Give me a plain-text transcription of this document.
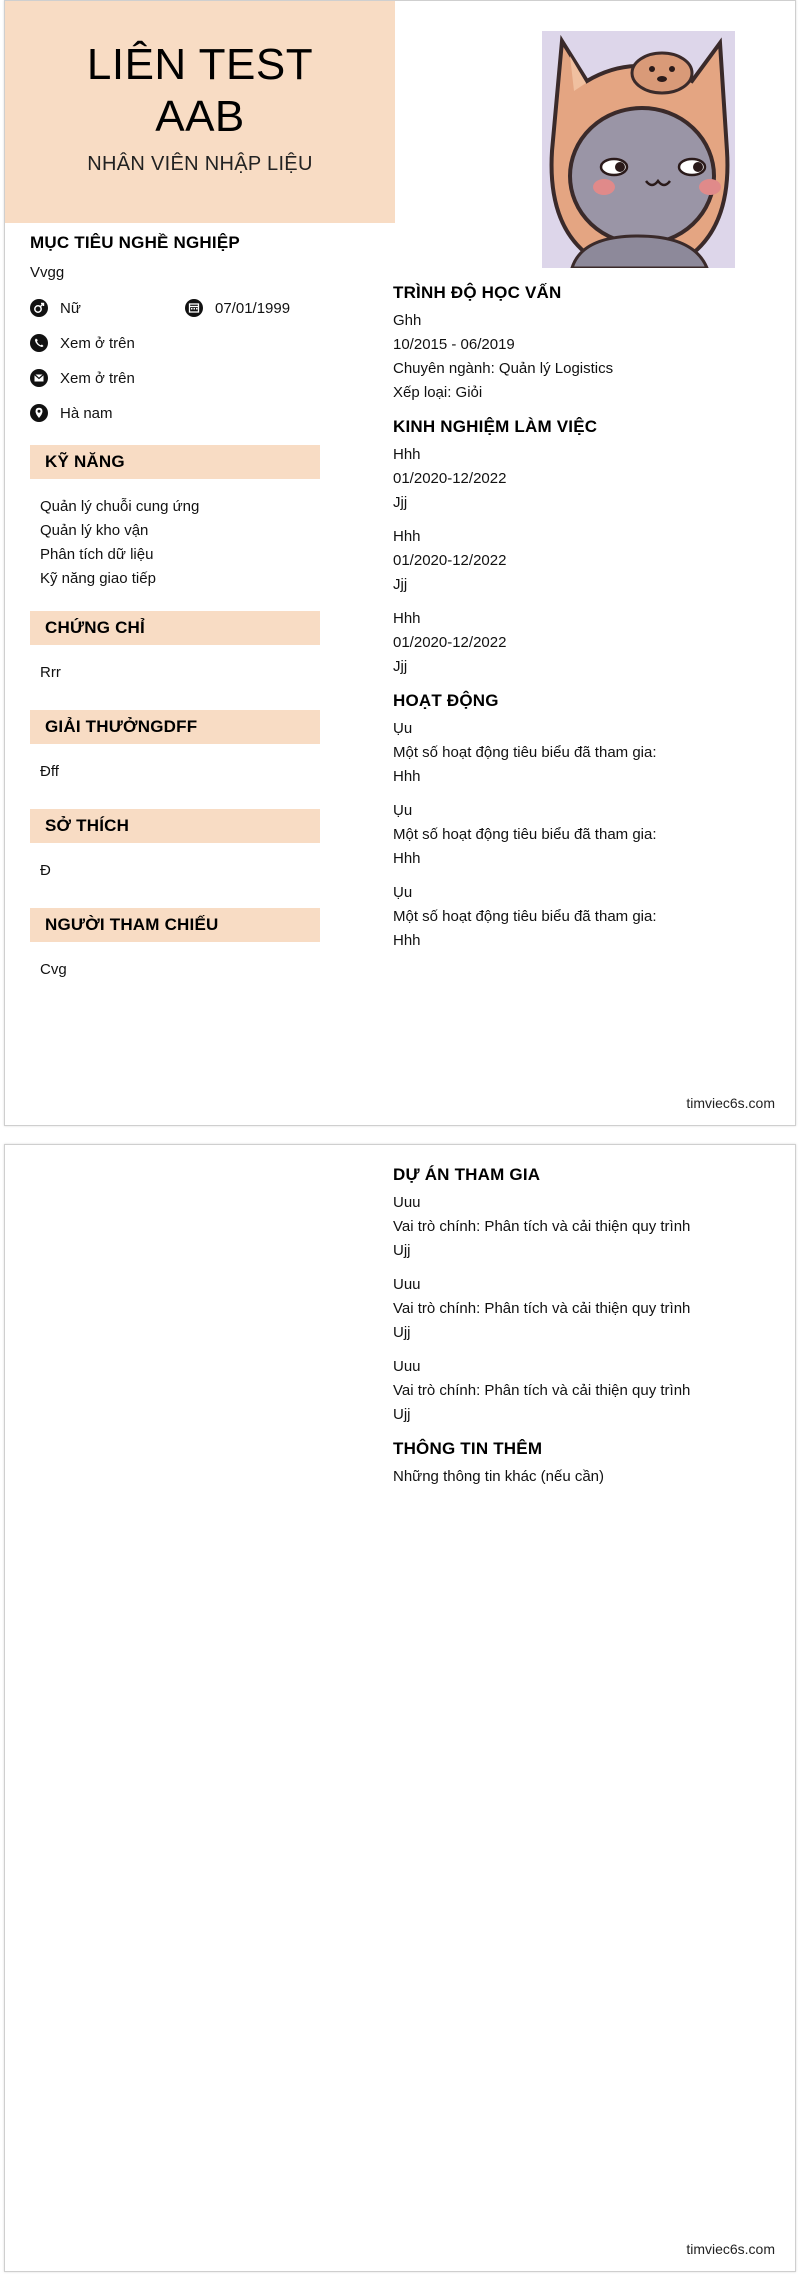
LIÊN TEST
AAB
NHÂN VIÊN NHẬP LIỆU
MỤC TIÊU NGHỀ NGHIỆP
Vvgg
Nữ	07/01/1999
Xem ở trên
Xem ở trên
Hà nam
KỸ NĂNG
Quản lý chuỗi cung ứng
Quản lý kho vận
Phân tích dữ liệu
Kỹ năng giao tiếp
CHỨNG CHỈ
Rrr
GIẢI THƯỞNGDFF
Đff
SỞ THÍCH
Đ
NGƯỜI THAM CHIẾU
Cvg
TRÌNH ĐỘ HỌC VẤN
Ghh
10/2015 - 06/2019
Chuyên ngành: Quản lý Logistics
Xếp loại: Giỏi
KINH NGHIỆM LÀM VIỆC
Hhh
01/2020-12/2022
Jjj
Hhh
01/2020-12/2022
Jjj
Hhh
01/2020-12/2022
Jjj
HOẠT ĐỘNG
Ụu
Một số hoạt động tiêu biểu đã tham gia:
Hhh
Ụu
Một số hoạt động tiêu biểu đã tham gia:
Hhh
Ụu
Một số hoạt động tiêu biểu đã tham gia:
Hhh
timviec6s.com
DỰ ÁN THAM GIA
Uuu
Vai trò chính: Phân tích và cải thiện quy trình
Ujj
Uuu
Vai trò chính: Phân tích và cải thiện quy trình
Ujj
Uuu
Vai trò chính: Phân tích và cải thiện quy trình
Ujj
THÔNG TIN THÊM
Những thông tin khác (nếu cần)
timviec6s.com
